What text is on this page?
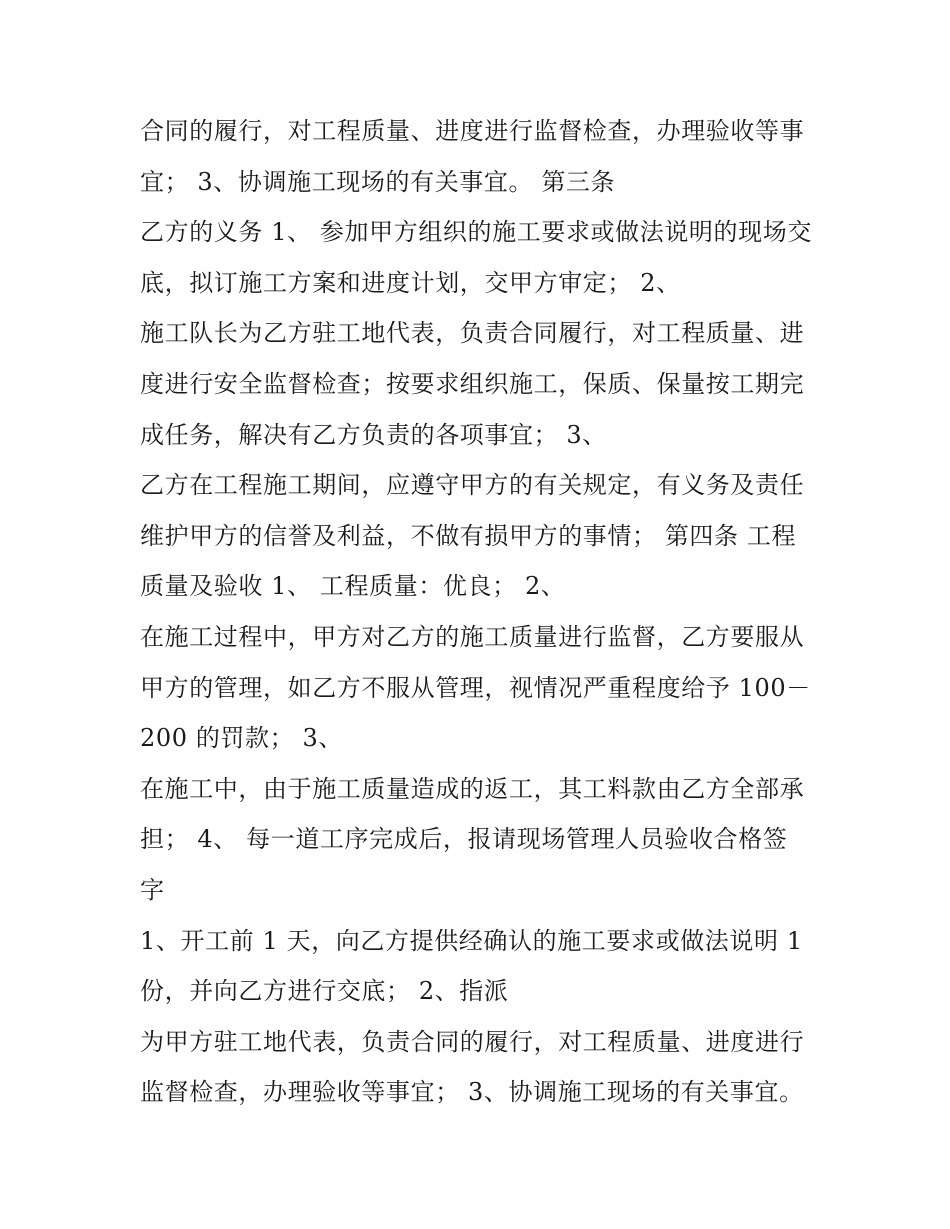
合同的履行，对工程质量、进度进行监督检查，办理验收等事
宜； 3、协调施工现场的有关事宜。 第三条
乙方的义务 1、 参加甲方组织的施工要求或做法说明的现场交
底，拟订施工方案和进度计划，交甲方审定； 2、
施工队长为乙方驻工地代表，负责合同履行，对工程质量、进
度进行安全监督检查；按要求组织施工，保质、保量按工期完
成任务，解决有乙方负责的各项事宜； 3、
乙方在工程施工期间，应遵守甲方的有关规定，有义务及责任
维护甲方的信誉及利益，不做有损甲方的事情； 第四条 工程
质量及验收 1、 工程质量：优良； 2、
在施工过程中，甲方对乙方的施工质量进行监督，乙方要服从
甲方的管理，如乙方不服从管理，视情况严重程度给予 100－
200 的罚款； 3、
在施工中，由于施工质量造成的返工，其工料款由乙方全部承
担； 4、 每一道工序完成后，报请现场管理人员验收合格签
字
1、开工前 1 天，向乙方提供经确认的施工要求或做法说明 1
份，并向乙方进行交底； 2、指派
为甲方驻工地代表，负责合同的履行，对工程质量、进度进行
监督检查，办理验收等事宜； 3、协调施工现场的有关事宜。
